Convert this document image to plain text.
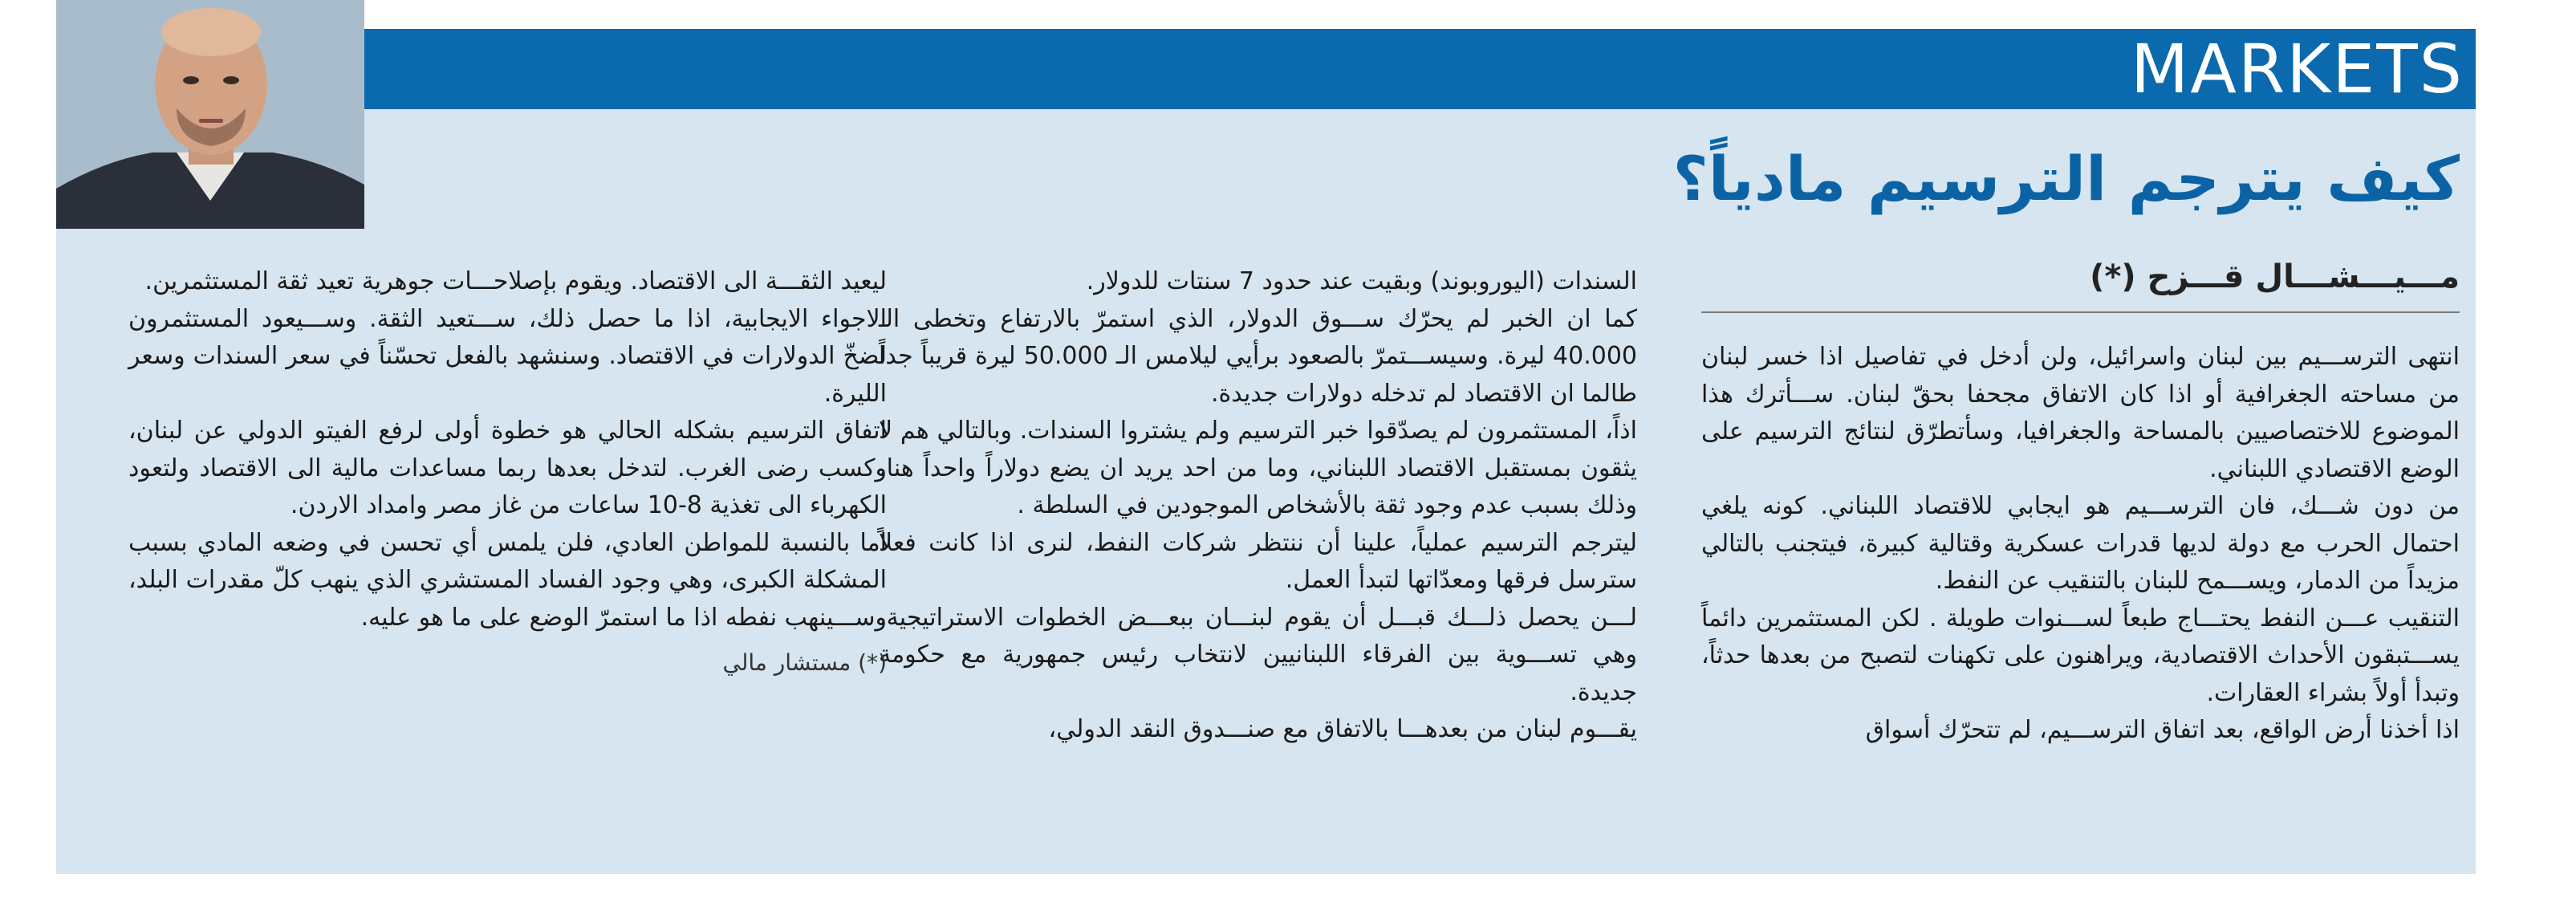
MARKETS
كيف يترجم الترسيم مادياً؟
مـــيـــشـــال قـــزح (*)

انتهى الترســـيم بين لبنان واسرائيل، ولن أدخل في تفاصيل اذا خسر لبنان من مساحته الجغرافية أو اذا كان الاتفاق مجحفا بحقّ لبنان. ســـأترك هذا الموضوع للاختصاصيين بالمساحة والجغرافيا، وسأتطرّق لنتائج الترسيم على الوضع الاقتصادي اللبناني.

من دون شـــك، فان الترســـيم هو ايجابي للاقتصاد اللبناني. كونه يلغي احتمال الحرب مع دولة لديها قدرات عسكرية وقتالية كبيرة، فيتجنب بالتالي مزيداً من الدمار، ويســـمح للبنان بالتنقيب عن النفط.

التنقيب عـــن النفط يحتـــاج طبعاً لســـنوات طويلة . لكن المستثمرين دائماً يســـتبقون الأحداث الاقتصادية، ويراهنون على تكهنات لتصبح من بعدها حدثاً، وتبدأ أولاً بشراء العقارات.

اذا أخذنا أرض الواقع، بعد اتفاق الترســـيم، لم تتحرّك أسواق

السندات (اليوروبوند) وبقيت عند حدود 7 سنتات للدولار.

كما ان الخبر لم يحرّك ســـوق الدولار، الذي استمرّ بالارتفاع وتخطى الـ 40.000 ليرة. وسيســـتمرّ بالصعود برأيي ليلامس الـ 50.000 ليرة قريباً جداً طالما ان الاقتصاد لم تدخله دولارات جديدة.

اذاً، المستثمرون لم يصدّقوا خبر الترسيم ولم يشتروا السندات. وبالتالي هم لا يثقون بمستقبل الاقتصاد اللبناني، وما من احد يريد ان يضع دولاراً واحداً هنا، وذلك بسبب عدم وجود ثقة بالأشخاص الموجودين في السلطة .

ليترجم الترسيم عملياً، علينا أن ننتظر شركات النفط، لنرى اذا كانت فعلاً سترسل فرقها ومعدّاتها لتبدأ العمل.

لـــن يحصل ذلـــك قبـــل أن يقوم لبنـــان ببعـــض الخطوات الاستراتيجية، وهي تســـوية بين الفرقاء اللبنانيين لانتخاب رئيس جمهورية مع حكومة جديدة.

يقـــوم لبنان من بعدهـــا بالاتفاق مع صنـــدوق النقد الدولي،

ليعيد الثقـــة الى الاقتصاد. ويقوم بإصلاحـــات جوهرية تعيد ثقة المستثمرين.

الاجواء الايجابية، اذا ما حصل ذلك، ســـتعيد الثقة. وســـيعود المستثمرون لضخّ الدولارات في الاقتصاد. وسنشهد بالفعل تحسّناً في سعر السندات وسعر الليرة.

اتفاق الترسيم بشكله الحالي هو خطوة أولى لرفع الفيتو الدولي عن لبنان، وكسب رضى الغرب. لتدخل بعدها ربما مساعدات مالية الى الاقتصاد ولتعود الكهرباء الى تغذية 8-10 ساعات من غاز مصر وامداد الاردن.

اما بالنسبة للمواطن العادي، فلن يلمس أي تحسن في وضعه المادي بسبب المشكلة الكبرى، وهي وجود الفساد المستشري الذي ينهب كلّ مقدرات البلد، وســـينهب نفطه اذا ما استمرّ الوضع على ما هو عليه.

(*) مستشار مالي
